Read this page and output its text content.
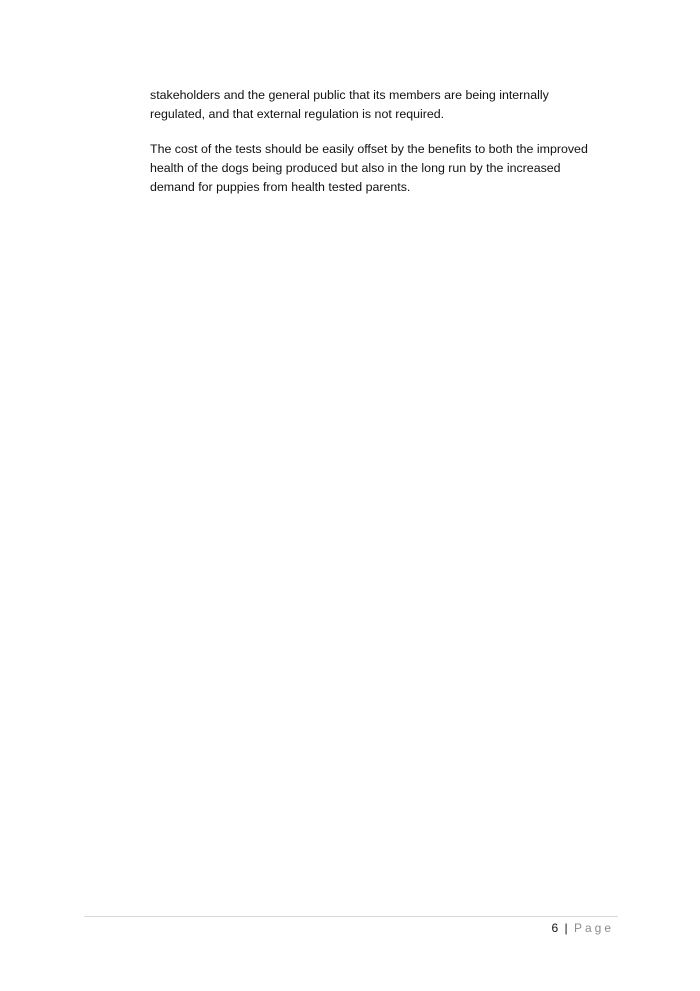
stakeholders and the general public that its members are being internally
regulated, and that external regulation is not required.

The cost of the tests should be easily offset by the benefits to both the improved
health of the dogs being produced but also in the long run by the increased
demand for puppies from health tested parents.

6 | Page
